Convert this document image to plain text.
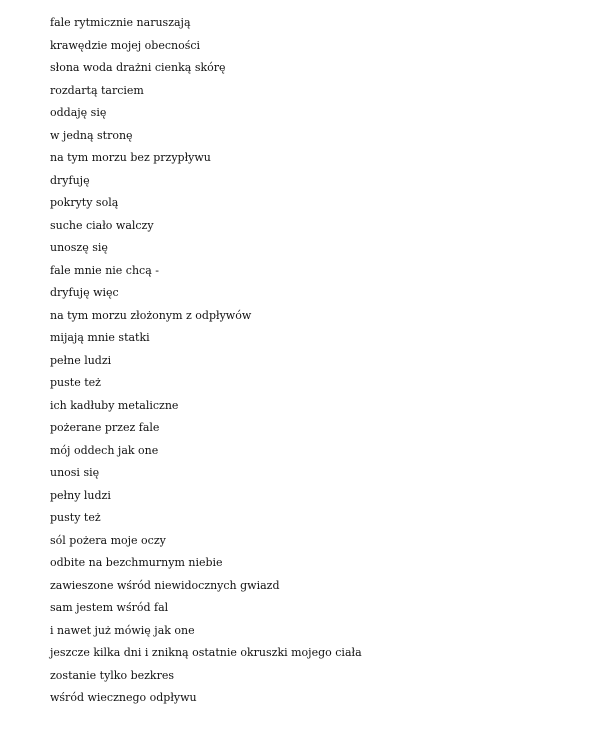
fale rytmicznie naruszają
krawędzie mojej obecności
słona woda drażni cienką skórę
rozdartą tarciem
oddaję się
w jedną stronę
na tym morzu bez przypływu
dryfuję
pokryty solą
suche ciało walczy
unoszę się
fale mnie nie chcą -
dryfuję więc
na tym morzu złożonym z odpływów
mijają mnie statki
pełne ludzi
puste też
ich kadłuby metaliczne
pożerane przez fale
mój oddech jak one
unosi się
pełny ludzi
pusty też
sól pożera moje oczy
odbite na bezchmurnym niebie
zawieszone wśród niewidocznych gwiazd
sam jestem wśród fal
i nawet już mówię jak one
jeszcze kilka dni i znikną ostatnie okruszki mojego ciała
zostanie tylko bezkres
wśród wiecznego odpływu
